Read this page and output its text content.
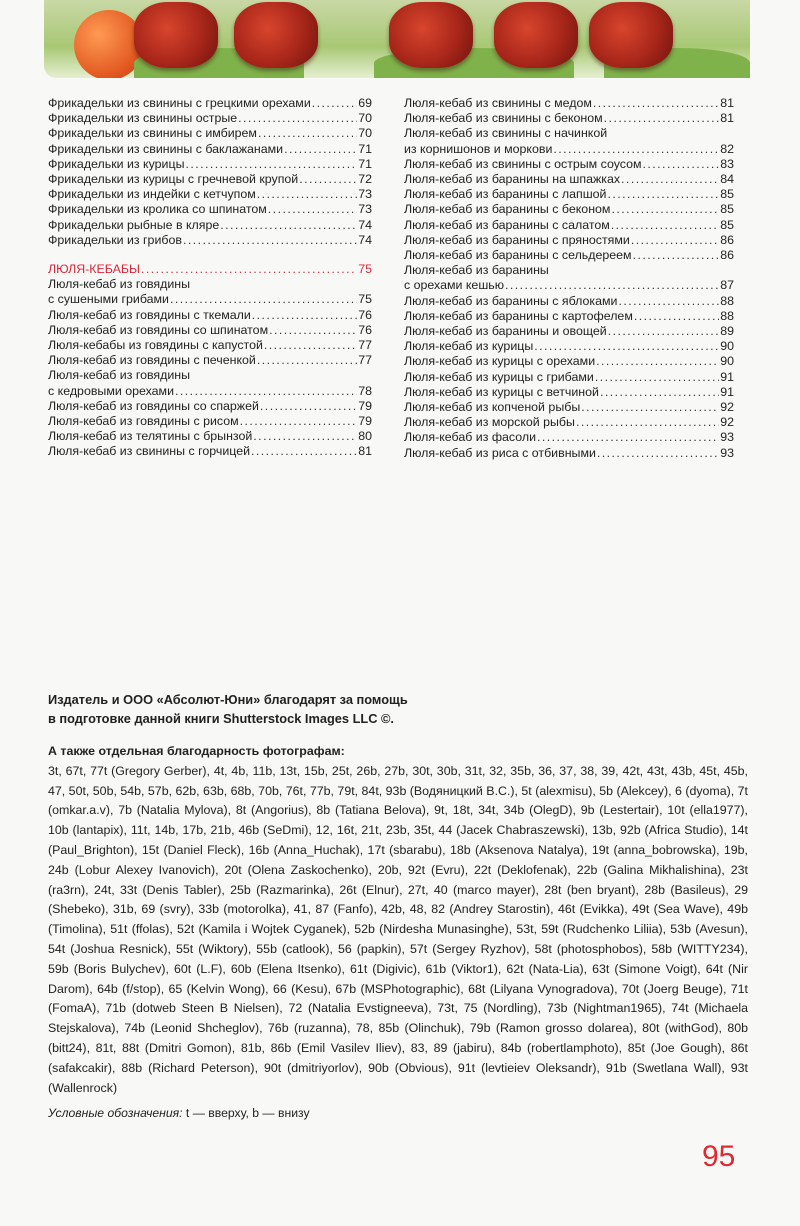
Фрикадельки из свинины с грецкими орехами . . .	69
Фрикадельки из свинины острые . . .	70
Фрикадельки из свинины с имбирем . . .	70
Фрикадельки из свинины с баклажанами . . .	71
Фрикадельки из курицы . . .	71
Фрикадельки из курицы с гречневой крупой . . .	72
Фрикадельки из индейки с кетчупом . . .	73
Фрикадельки из кролика со шпинатом . . .	73
Фрикадельки рыбные в кляре . . .	74
Фрикадельки из грибов . . .	74
ЛЮЛЯ-КЕБАБЫ . . .	75
Люля-кебаб из говядины
с сушеными грибами . . .	75
Люля-кебаб из говядины с ткемали . . .	76
Люля-кебаб из говядины со шпинатом . . .	76
Люля-кебабы из говядины с капустой . . .	77
Люля-кебаб из говядины с печенкой . . .	77
Люля-кебаб из говядины
с кедровыми орехами . . .	78
Люля-кебаб из говядины со спаржей . . .	79
Люля-кебаб из говядины с рисом . . .	79
Люля-кебаб из телятины с брынзой . . .	80
Люля-кебаб из свинины с горчицей . . .	81
Люля-кебаб из свинины с медом . . .	81
Люля-кебаб из свинины с беконом . . .	81
Люля-кебаб из свинины с начинкой
из корнишонов и моркови . . .	82
Люля-кебаб из свинины с острым соусом . . .	83
Люля-кебаб из баранины на шпажках . . .	84
Люля-кебаб из баранины с лапшой . . .	85
Люля-кебаб из баранины с беконом . . .	85
Люля-кебаб из баранины с салатом . . .	85
Люля-кебаб из баранины с пряностями . . .	86
Люля-кебаб из баранины с сельдереем . . .	86
Люля-кебаб из баранины
с орехами кешью . . .	87
Люля-кебаб из баранины с яблоками . . .	88
Люля-кебаб из баранины с картофелем . . .	88
Люля-кебаб из баранины и овощей . . .	89
Люля-кебаб из курицы . . .	90
Люля-кебаб из курицы с орехами . . .	90
Люля-кебаб из курицы с грибами . . .	91
Люля-кебаб из курицы с ветчиной . . .	91
Люля-кебаб из копченой рыбы . . .	92
Люля-кебаб из морской рыбы . . .	92
Люля-кебаб из фасоли . . .	93
Люля-кебаб из риса с отбивными . . .	93

Издатель и ООО «Абсолют-Юни» благодарят за помощь
в подготовке данной книги Shutterstock Images LLC ©.

А также отдельная благодарность фотографам:
3t, 67t, 77t (Gregory Gerber), 4t, 4b, 11b, 13t, 15b, 25t, 26b, 27b, 30t, 30b, 31t, 32, 35b, 36, 37, 38, 39, 42t, 43t, 43b, 45t, 45b, 47, 50t, 50b, 54b, 57b, 62b, 63b, 68b, 70b, 76t, 77b, 79t, 84t, 93b (Водяницкий В.С.), 5t (alexmisu), 5b (Alekcey), 6 (dyoma), 7t (omkar.a.v), 7b (Natalia Mylova), 8t (Angorius), 8b (Tatiana Belova), 9t, 18t, 34t, 34b (OlegD), 9b (Lestertair), 10t (ella1977), 10b (lantapix), 11t, 14b, 17b, 21b, 46b (SeDmi), 12, 16t, 21t, 23b, 35t, 44 (Jacek Chabraszewski), 13b, 92b (Africa Studio), 14t (Paul_Brighton), 15t (Daniel Fleck), 16b (Anna_Huchak), 17t (sbarabu), 18b (Aksenova Natalya), 19t (anna_bobrowska), 19b, 24b (Lobur Alexey Ivanovich), 20t (Olena Zaskochenko), 20b, 92t (Evru), 22t (Deklofenak), 22b (Galina Mikhalishina), 23t (ra3rn), 24t, 33t (Denis Tabler), 25b (Razmarinka), 26t (Elnur), 27t, 40 (marco mayer), 28t (ben bryant), 28b (Basileus), 29 (Shebeko), 31b, 69 (svry), 33b (motorolka), 41, 87 (Fanfo), 42b, 48, 82 (Andrey Starostin), 46t (Evikka), 49t (Sea Wave), 49b (Timolina), 51t (ffolas), 52t (Kamila i Wojtek Cyganek), 52b (Nirdesha Munasinghe), 53t, 59t (Rudchenko Liliia), 53b (Avesun), 54t (Joshua Resnick), 55t (Wiktory), 55b (catlook), 56 (papkin), 57t (Sergey Ryzhov), 58t (photosphobos), 58b (WITTY234), 59b (Boris Bulychev), 60t (L.F), 60b (Elena Itsenko), 61t (Digivic), 61b (Viktor1), 62t (Nata-Lia), 63t (Simone Voigt), 64t (Nir Darom), 64b (f/stop), 65 (Kelvin Wong), 66 (Kesu), 67b (MSPhotographic), 68t (Lilyana Vynogradova), 70t (Joerg Beuge), 71t (FomaA), 71b (dotweb Steen B Nielsen), 72 (Natalia Evstigneeva), 73t, 75 (Nordling), 73b (Nightman1965), 74t (Michaela Stejskalova), 74b (Leonid Shcheglov), 76b (ruzanna), 78, 85b (Olinchuk), 79b (Ramon grosso dolarea), 80t (withGod), 80b (bitt24), 81t, 88t (Dmitri Gomon), 81b, 86b (Emil Vasilev Iliev), 83, 89 (jabiru), 84b (robertlamphoto), 85t (Joe Gough), 86t (safakcakir), 88b (Richard Peterson), 90t (dmitriyorlov), 90b (Obvious), 91t (levtieiev Oleksandr), 91b (Swetlana Wall), 93t (Wallenrock)
Условные обозначения: t — вверху, b — внизу
95
